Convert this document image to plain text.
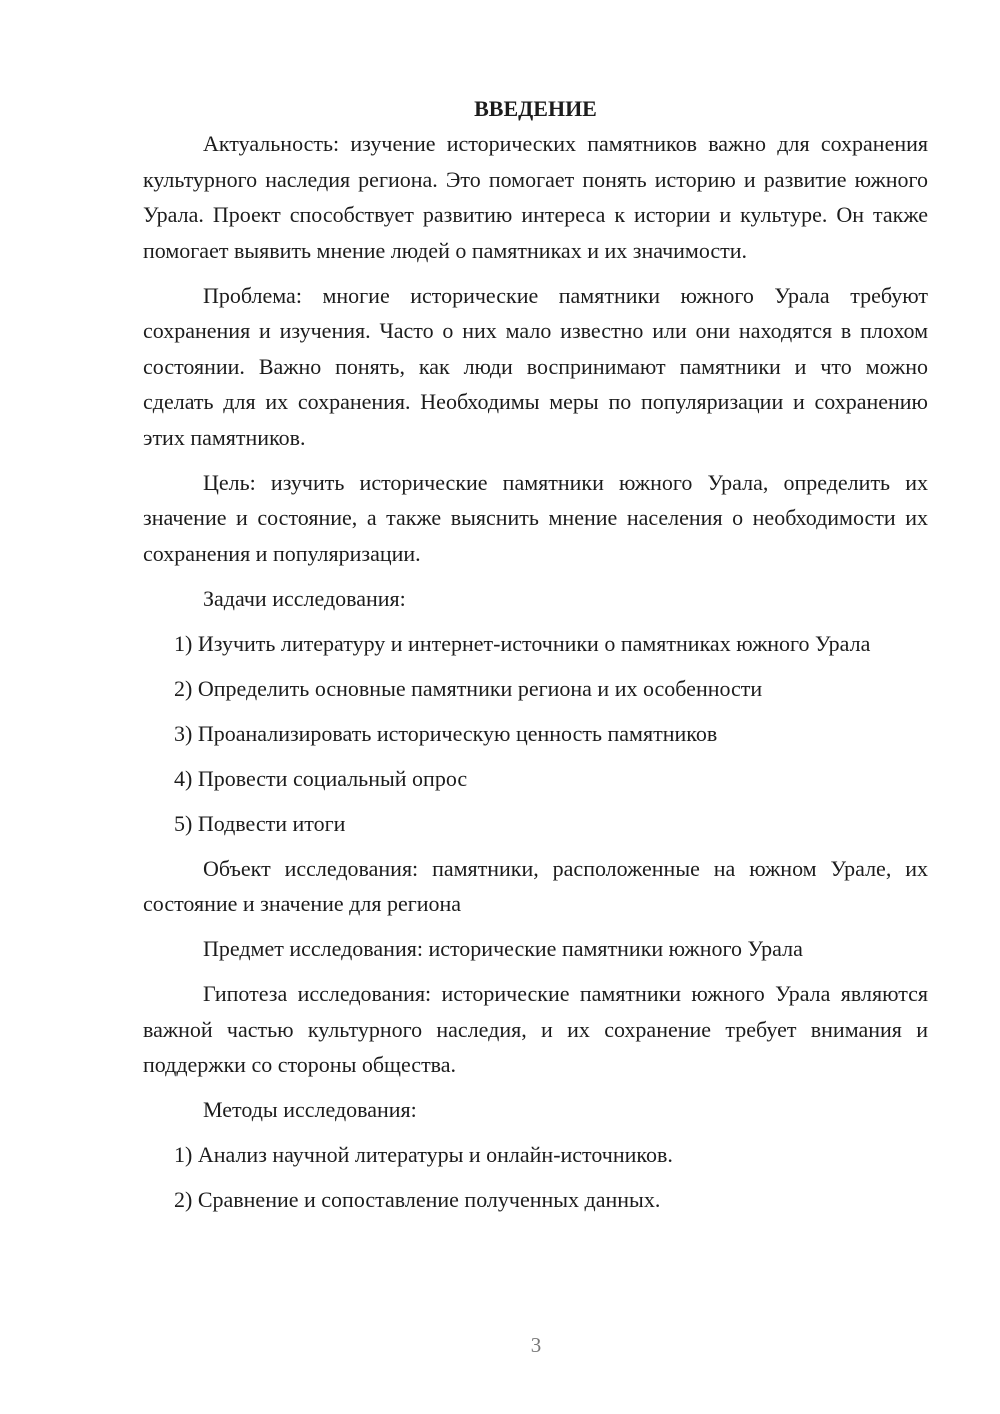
ВВЕДЕНИЕ

Актуальность: изучение исторических памятников важно для сохранения культурного наследия региона. Это помогает понять историю и развитие южного Урала. Проект способствует развитию интереса к истории и культуре. Он также помогает выявить мнение людей о памятниках и их значимости.

Проблема: многие исторические памятники южного Урала требуют сохранения и изучения. Часто о них мало известно или они находятся в плохом состоянии. Важно понять, как люди воспринимают памятники и что можно сделать для их сохранения. Необходимы меры по популяризации и сохранению этих памятников.

Цель: изучить исторические памятники южного Урала, определить их значение и состояние, а также выяснить мнение населения о необходимости их сохранения и популяризации.

Задачи исследования:

1) Изучить литературу и интернет-источники о памятниках южного Урала

2) Определить основные памятники региона и их особенности

3) Проанализировать историческую ценность памятников

4) Провести социальный опрос

5) Подвести итоги

Объект исследования: памятники, расположенные на южном Урале, их состояние и значение для региона

Предмет исследования: исторические памятники южного Урала

Гипотеза исследования: исторические памятники южного Урала являются важной частью культурного наследия, и их сохранение требует внимания и поддержки со стороны общества.

Методы исследования:

1) Анализ научной литературы и онлайн-источников.

2) Сравнение и сопоставление полученных данных.

3
